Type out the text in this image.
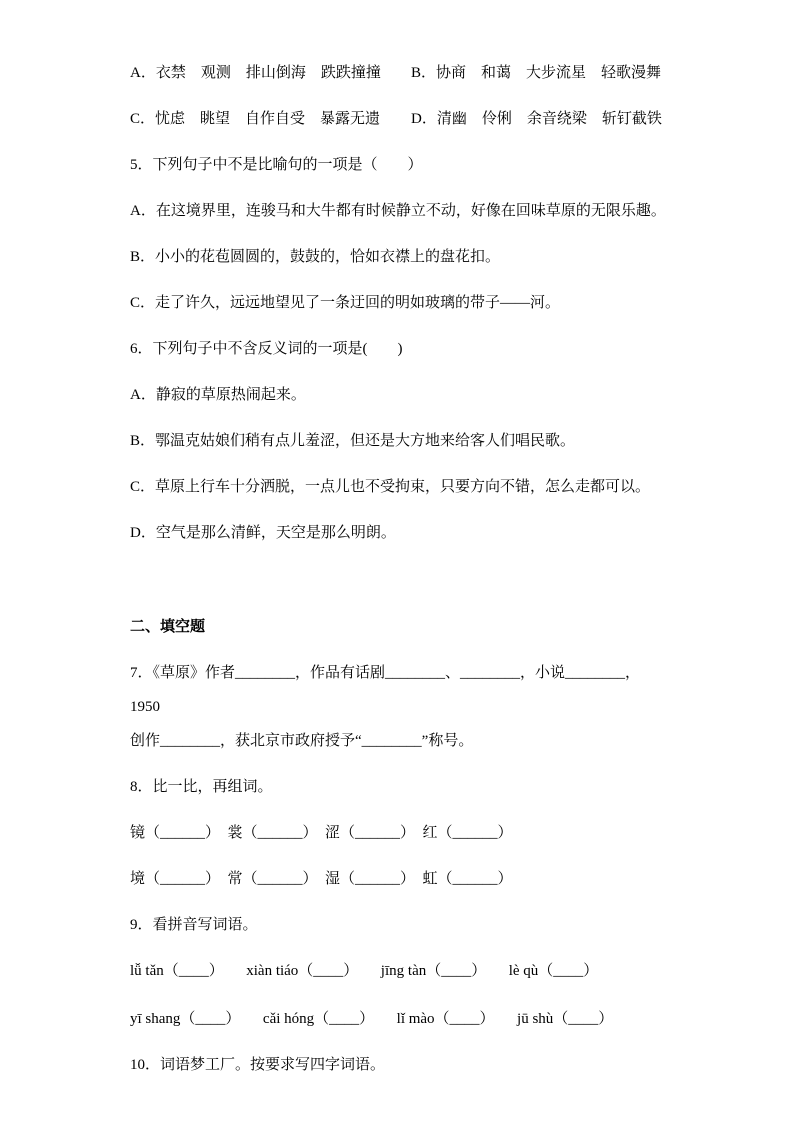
A．衣禁　观测　排山倒海　跌跌撞撞	B．协商　和蔼　大步流星　轻歌漫舞
C．忧虑　眺望　自作自受　暴露无遗	D．清幽　伶俐　余音绕梁　斩钉截铁

5．下列句子中不是比喻句的一项是（　　）

A．在这境界里，连骏马和大牛都有时候静立不动，好像在回味草原的无限乐趣。

B．小小的花苞圆圆的，鼓鼓的，恰如衣襟上的盘花扣。

C．走了许久，远远地望见了一条迂回的明如玻璃的带子——河。

6．下列句子中不含反义词的一项是(　　)

A．静寂的草原热闹起来。

B．鄂温克姑娘们稍有点儿羞涩，但还是大方地来给客人们唱民歌。

C．草原上行车十分洒脱，一点儿也不受拘束，只要方向不错，怎么走都可以。

D．空气是那么清鲜，天空是那么明朗。

二、填空题
7．《草原》作者________，作品有话剧________、________，小说________，1950
创作________，获北京市政府授予“________”称号。

8．比一比，再组词。

镜（______）　裳（______）　涩（______）　红（______）

境（______）　常（______）　湿（______）　虹（______）

9．看拼音写词语。

lǚ tǎn（____）　　xiàn tiáo（____）　　jīng tàn（____）　　lè qù（____）

yī shang（____）　　cǎi hóng（____）　　lǐ mào（____）　　jū shù（____）

10．词语梦工厂。按要求写四字词语。
